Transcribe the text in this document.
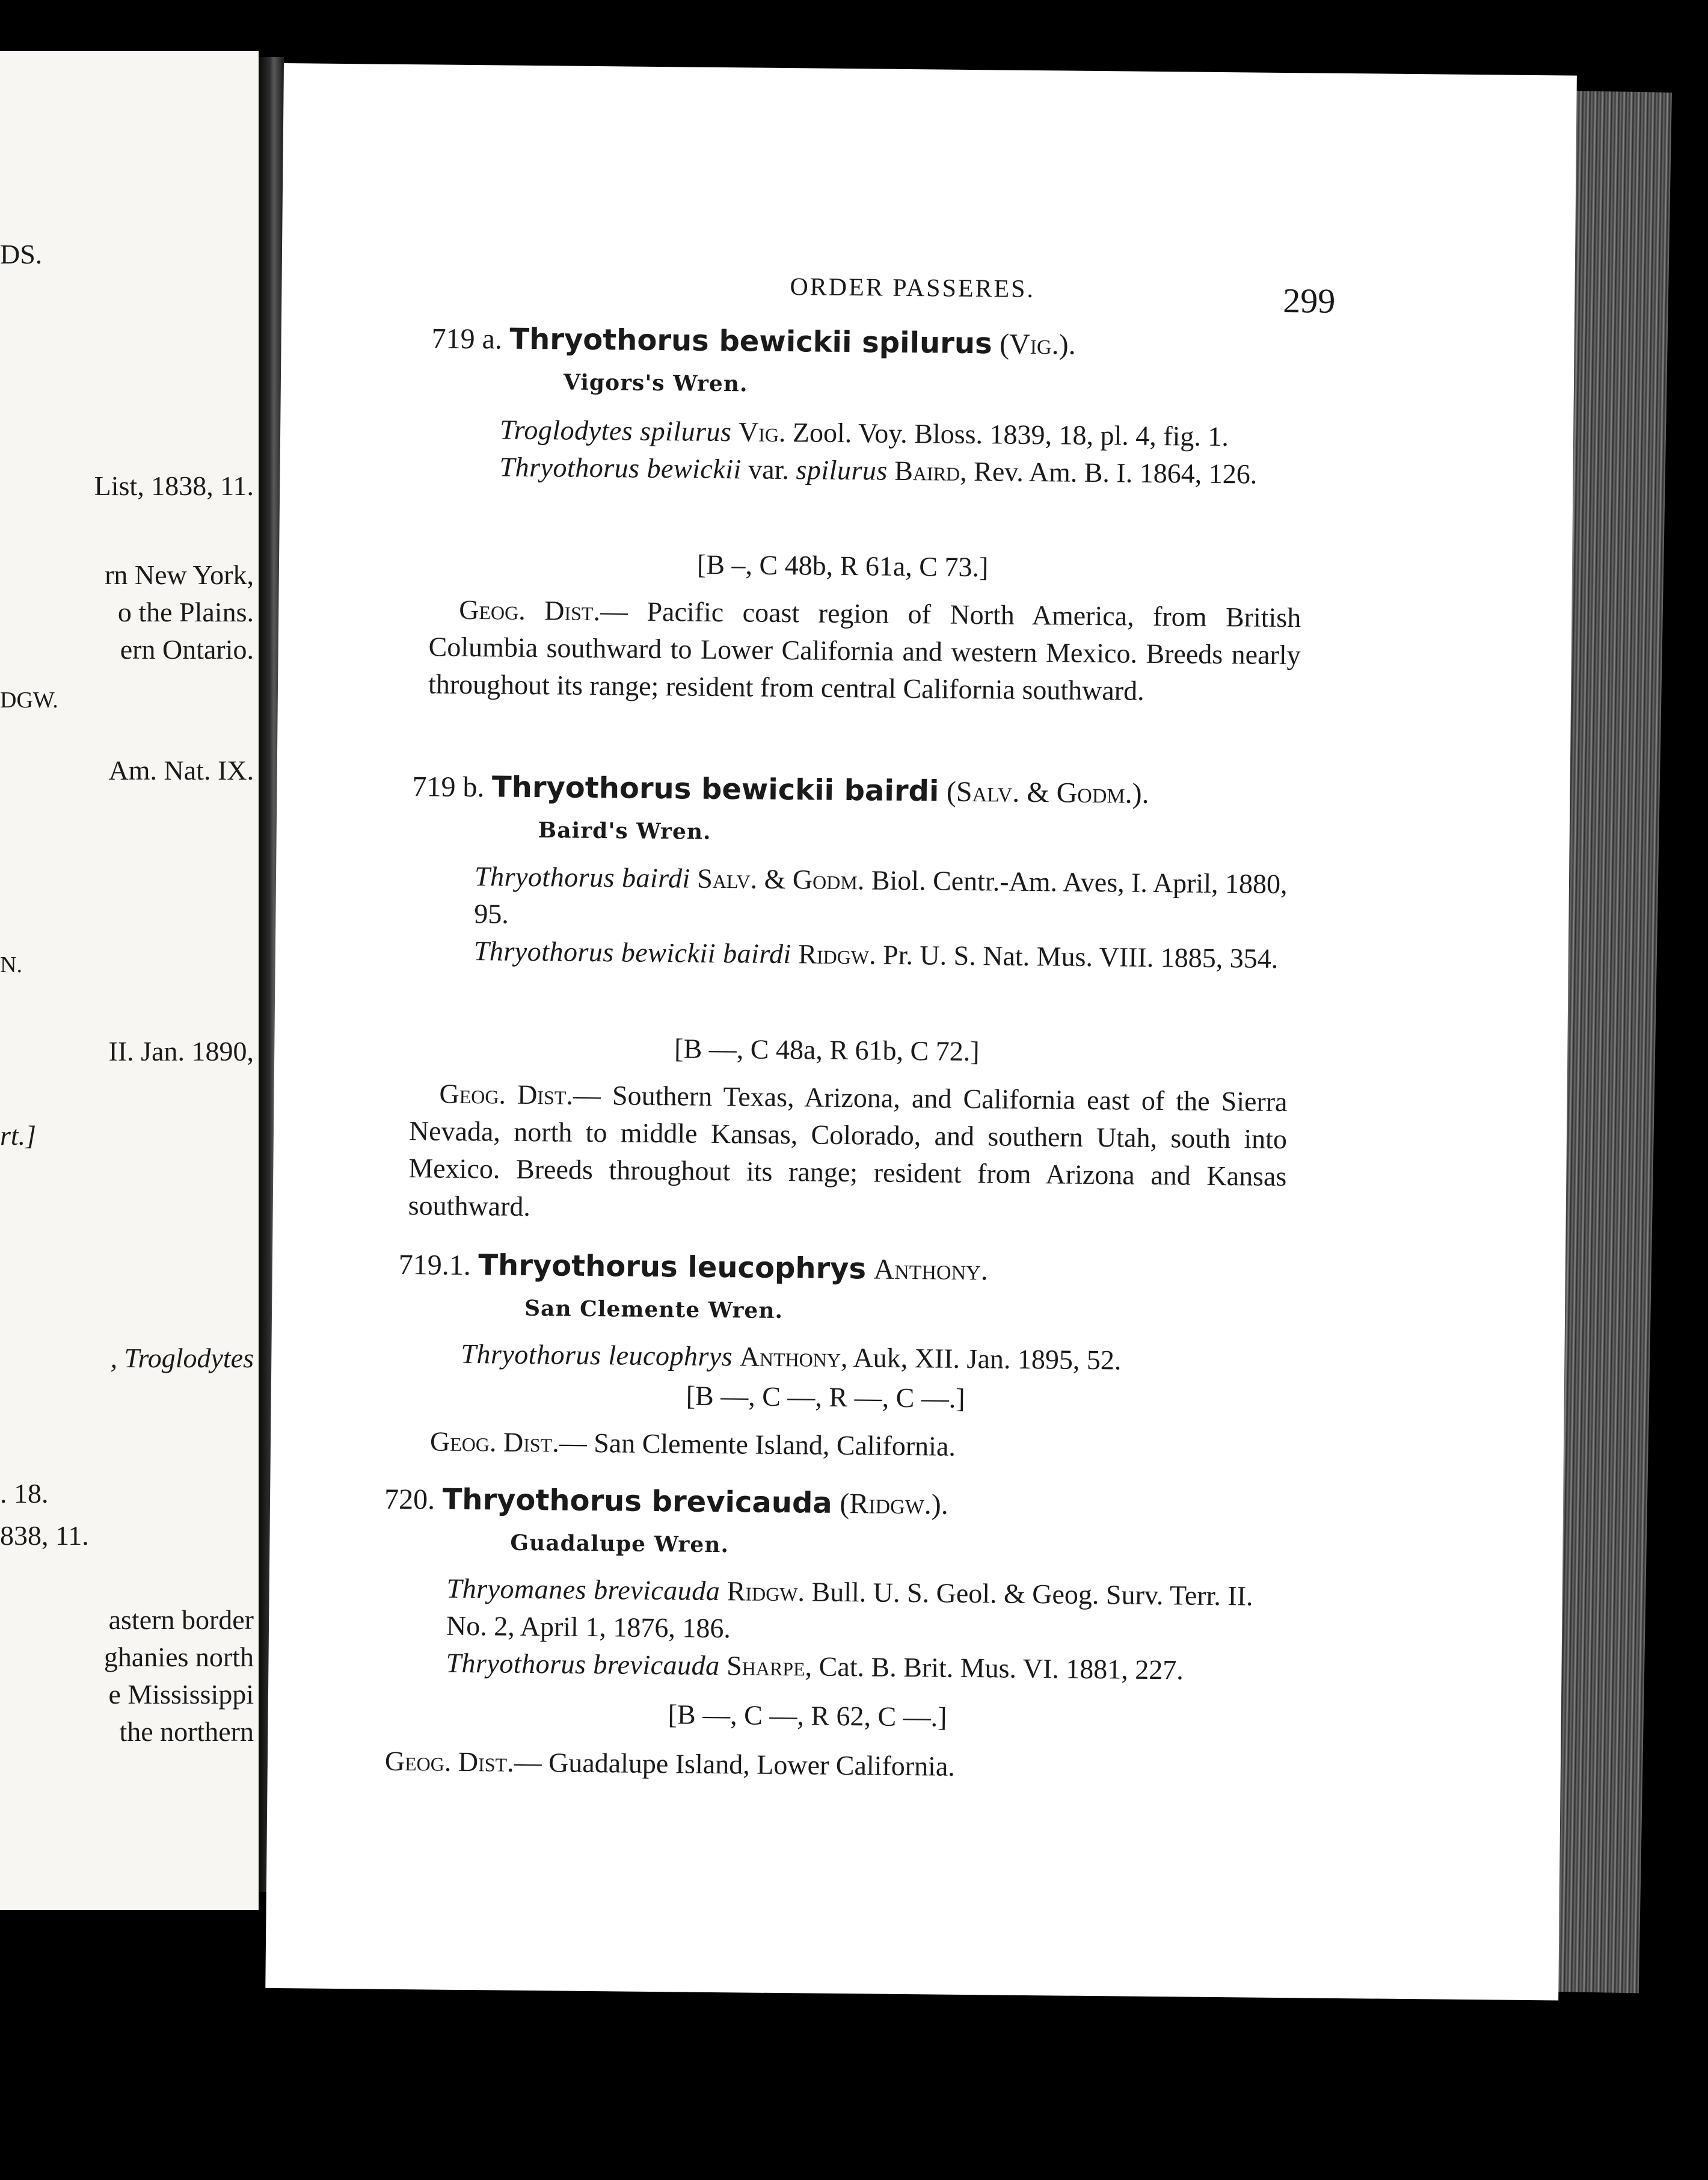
DS.
List, 1838, 11.
rn New York,
o the Plains.
ern Ontario.
DGW.
Am. Nat. IX.
N.
II. Jan. 1890,
rt.]
, Troglodytes
. 18.
838, 11.
astern border
ghanies north
e Mississippi
the northern
ORDER PASSERES.	299
719 a. Thryothorus bewickii spilurus (Vig.).
Vigors's Wren.
Troglodytes spilurus Vig. Zool. Voy. Bloss. 1839, 18, pl. 4, fig. 1.
Thryothorus bewickii var. spilurus Baird, Rev. Am. B. I. 1864, 126.
[B –, C 48b, R 61a, C 73.]
Geog. Dist.— Pacific coast region of North America, from British Columbia southward to Lower California and western Mexico. Breeds nearly throughout its range; resident from central California southward.
719 b. Thryothorus bewickii bairdi (Salv. & Godm.).
Baird's Wren.
Thryothorus bairdi Salv. & Godm. Biol. Centr.-Am. Aves, I. April, 1880, 95.
Thryothorus bewickii bairdi Ridgw. Pr. U. S. Nat. Mus. VIII. 1885, 354.
[B —, C 48a, R 61b, C 72.]
Geog. Dist.— Southern Texas, Arizona, and California east of the Sierra Nevada, north to middle Kansas, Colorado, and southern Utah, south into Mexico. Breeds throughout its range; resident from Arizona and Kansas southward.
719.1. Thryothorus leucophrys Anthony.
San Clemente Wren.
Thryothorus leucophrys Anthony, Auk, XII. Jan. 1895, 52.
[B —, C —, R —, C —.]
Geog. Dist.— San Clemente Island, California.
720. Thryothorus brevicauda (Ridgw.).
Guadalupe Wren.
Thryomanes brevicauda Ridgw. Bull. U. S. Geol. & Geog. Surv. Terr. II. No. 2, April 1, 1876, 186.
Thryothorus brevicauda Sharpe, Cat. B. Brit. Mus. VI. 1881, 227.
[B —, C —, R 62, C —.]
Geog. Dist.— Guadalupe Island, Lower California.
